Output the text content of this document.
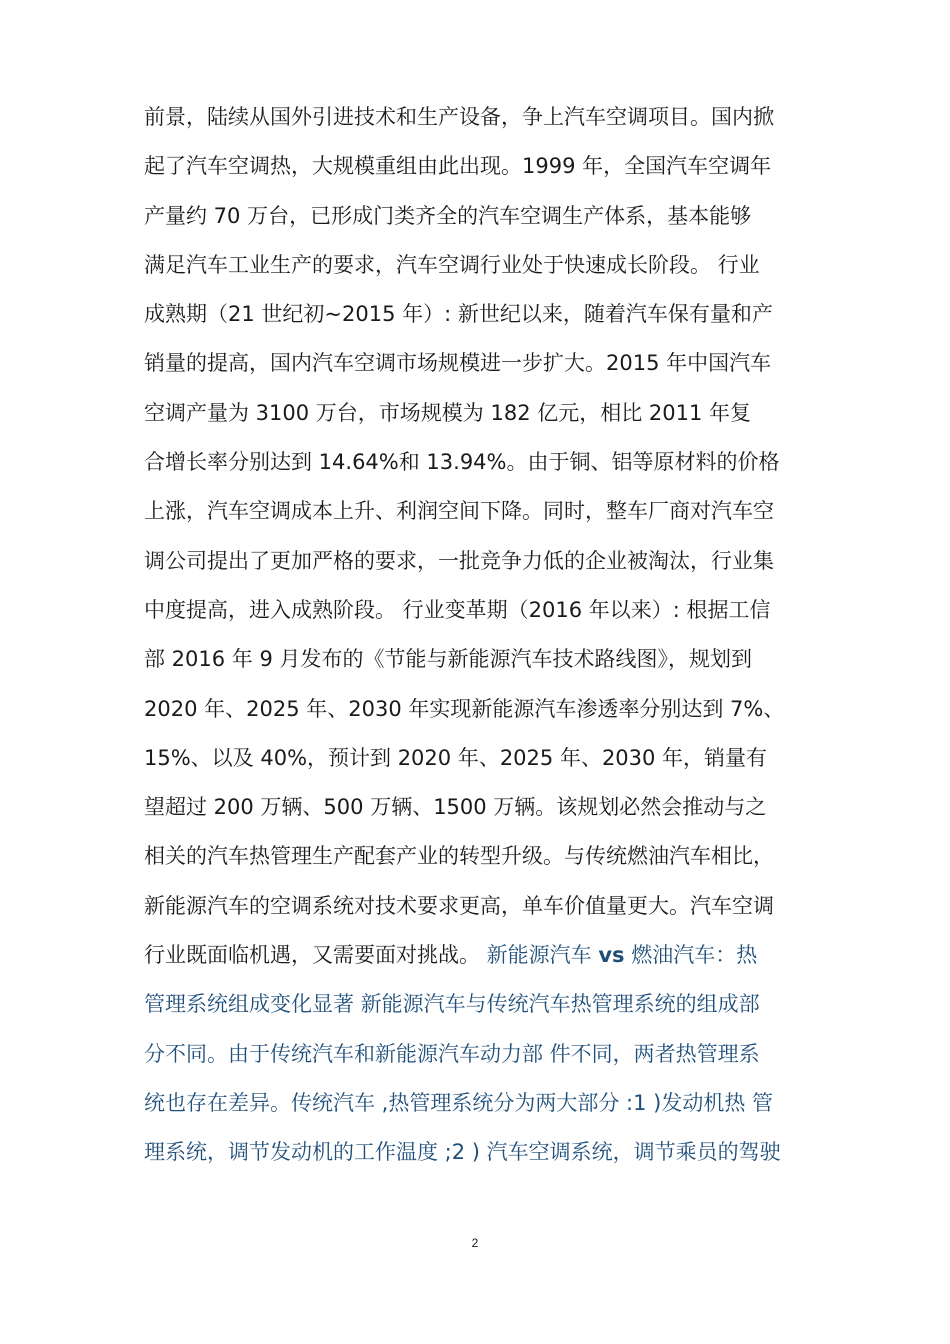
前景，陆续从国外引进技术和生产设备，争上汽车空调项目。国内掀
起了汽车空调热，大规模重组由此出现。1999 年，全国汽车空调年
产量约 70 万台，已形成门类齐全的汽车空调生产体系，基本能够
满足汽车工业生产的要求，汽车空调行业处于快速成长阶段。 行业
成熟期（21 世纪初~2015 年）: 新世纪以来，随着汽车保有量和产
销量的提高，国内汽车空调市场规模进一步扩大。2015 年中国汽车
空调产量为 3100 万台，市场规模为 182 亿元，相比 2011 年复
合增长率分别达到 14.64%和 13.94%。由于铜、铝等原材料的价格
上涨，汽车空调成本上升、利润空间下降。同时，整车厂商对汽车空
调公司提出了更加严格的要求，一批竞争力低的企业被淘汰，行业集
中度提高，进入成熟阶段。 行业变革期（2016 年以来）: 根据工信
部 2016 年 9 月发布的《节能与新能源汽车技术路线图》，规划到
2020 年、2025 年、2030 年实现新能源汽车渗透率分别达到 7%、
15%、以及 40%，预计到 2020 年、2025 年、2030 年，销量有
望超过 200 万辆、500 万辆、1500 万辆。该规划必然会推动与之
相关的汽车热管理生产配套产业的转型升级。与传统燃油汽车相比，
新能源汽车的空调系统对技术要求更高，单车价值量更大。汽车空调
行业既面临机遇，又需要面对挑战。 新能源汽车 vs 燃油汽车：热
管理系统组成变化显著 新能源汽车与传统汽车热管理系统的组成部
分不同。由于传统汽车和新能源汽车动力部 件不同，两者热管理系
统也存在差异。传统汽车 ,热管理系统分为两大部分 :1 )发动机热 管
理系统，调节发动机的工作温度 ;2 ) 汽车空调系统，调节乘员的驾驶
2
